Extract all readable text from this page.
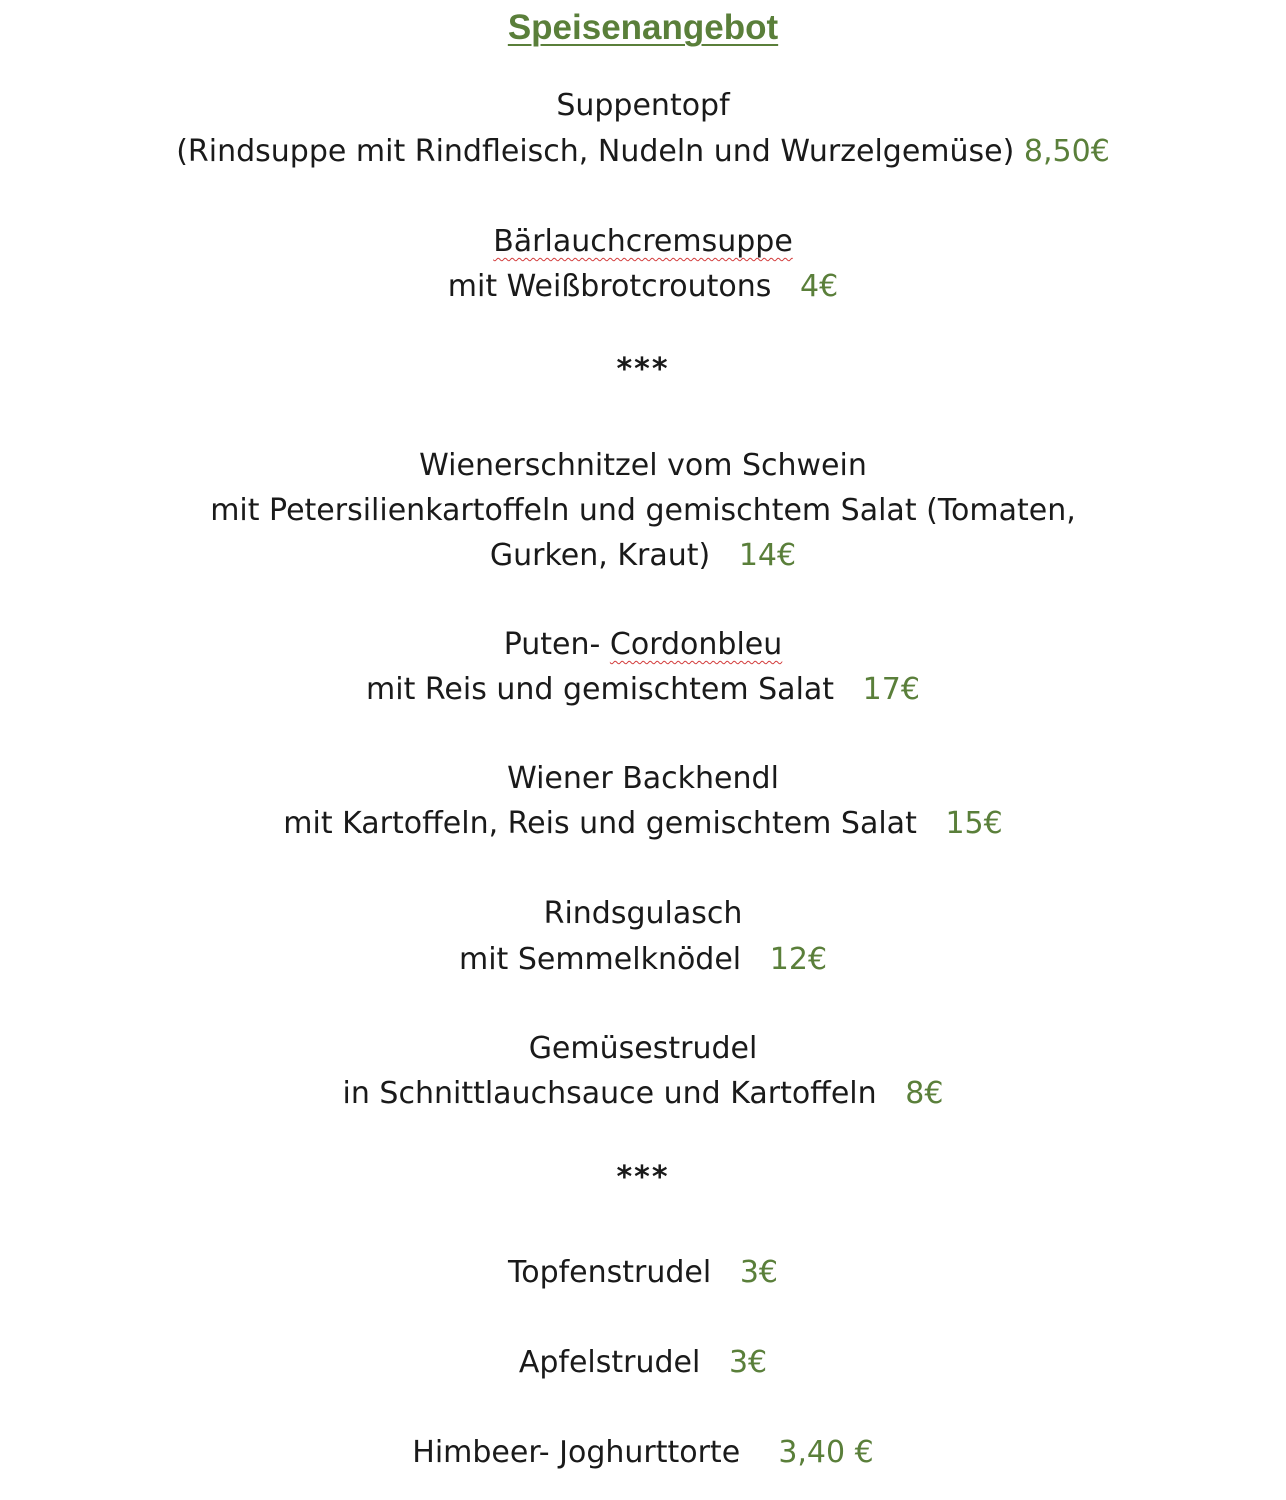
Speisenangebot
Suppentopf
(Rindsuppe mit Rindfleisch, Nudeln und Wurzelgemüse) 8,50€
Bärlauchcremsuppe
mit Weißbrotcroutons 4€
***
Wienerschnitzel vom Schwein
mit Petersilienkartoffeln und gemischtem Salat (Tomaten,
Gurken, Kraut) 14€
Puten- Cordonbleu
mit Reis und gemischtem Salat 17€
Wiener Backhendl
mit Kartoffeln, Reis und gemischtem Salat 15€
Rindsgulasch
mit Semmelknödel 12€
Gemüsestrudel
in Schnittlauchsauce und Kartoffeln 8€
***
Topfenstrudel 3€
Apfelstrudel 3€
Himbeer- Joghurttorte 3,40 €
